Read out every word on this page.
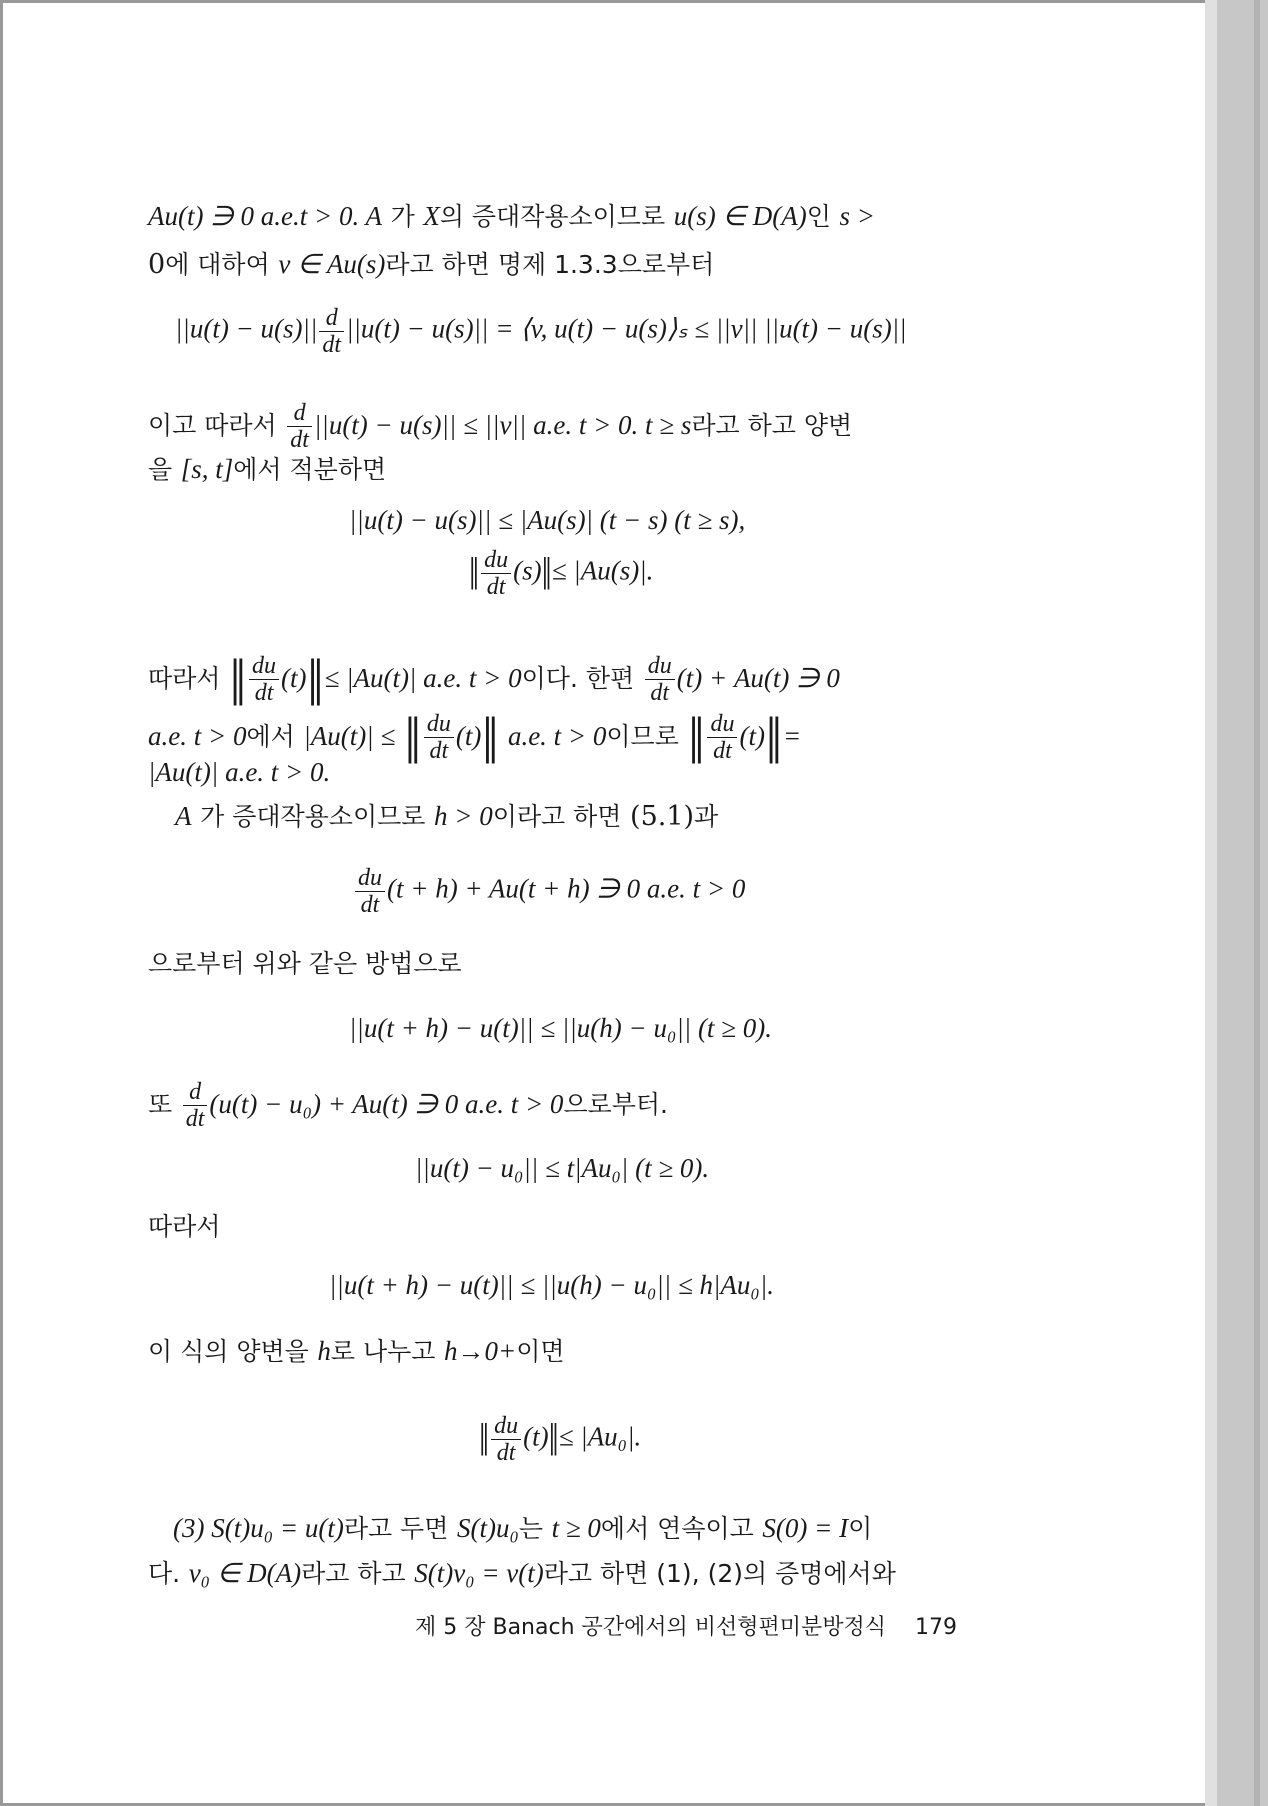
Au(t) ∋ 0 a.e.t > 0. A 가 X의 증대작용소이므로 u(s) ∈ D(A)인 s >
0에 대하여 v ∈ Au(s)라고 하면 명제 1.3.3으로부터
$||u(t) - u(s)|| \frac{d}{dt} ||u(t) - u(s)||$ = ⟨v, u(t) − u(s)⟩ₛ ≤ ||v|| ||u(t) − u(s)||
이고 따라서 $\frac{d}{dt} ||u(t) - u(s)|| \le ||v||$ a.e. t > 0. t ≥ s라고 하고 양변
을 [s, t]에서 적분하면
||u(t) − u(s)|| ≤ |Au(s)| (t − s) (t ≥ s),
‖ $\frac{du}{dt}$ (s)‖≤ |Au(s)|.
따라서 ‖ $\frac{du}{dt}$ (t)‖≤ |Au(t)| a.e. t > 0이다. 한편 $\frac{du}{dt} (t) + Au(t)$ ∋ 0
a.e. t > 0에서 |Au(t)| ≤ ‖ $\frac{du}{dt}$ (t)‖ a.e. t > 0이므로 ‖ $\frac{du}{dt}$ (t)‖=
|Au(t)| a.e. t > 0.
A 가 증대작용소이므로 h > 0이라고 하면 (5.1)과
$\frac{du}{dt} (t + h) + Au(t + h)$ ∋ 0 a.e. t > 0
으로부터 위와 같은 방법으로
||u(t + h) − u(t)|| ≤ ||u(h) − u₀|| (t ≥ 0).
또 $\frac{d}{dt} (u(t) - u_0) + Au(t)$ ∋ 0 a.e. t > 0으로부터.
||u(t) − u₀|| ≤ t|Au₀| (t ≥ 0).
따라서
||u(t + h) − u(t)|| ≤ ||u(h) − u₀|| ≤ h|Au₀|.
이 식의 양변을 h로 나누고 h→0+이면
‖ $\frac{du}{dt}$ (t)‖≤ |Au₀|.
(3) S(t)u₀ = u(t)라고 두면 S(t)u₀는 t ≥ 0에서 연속이고 S(0) = I이
다. v₀ ∈ D(A)라고 하고 S(t)v₀ = v(t)라고 하면 (1), (2)의 증명에서와
제 5 장 Banach 공간에서의 비선형편미분방정식 179
